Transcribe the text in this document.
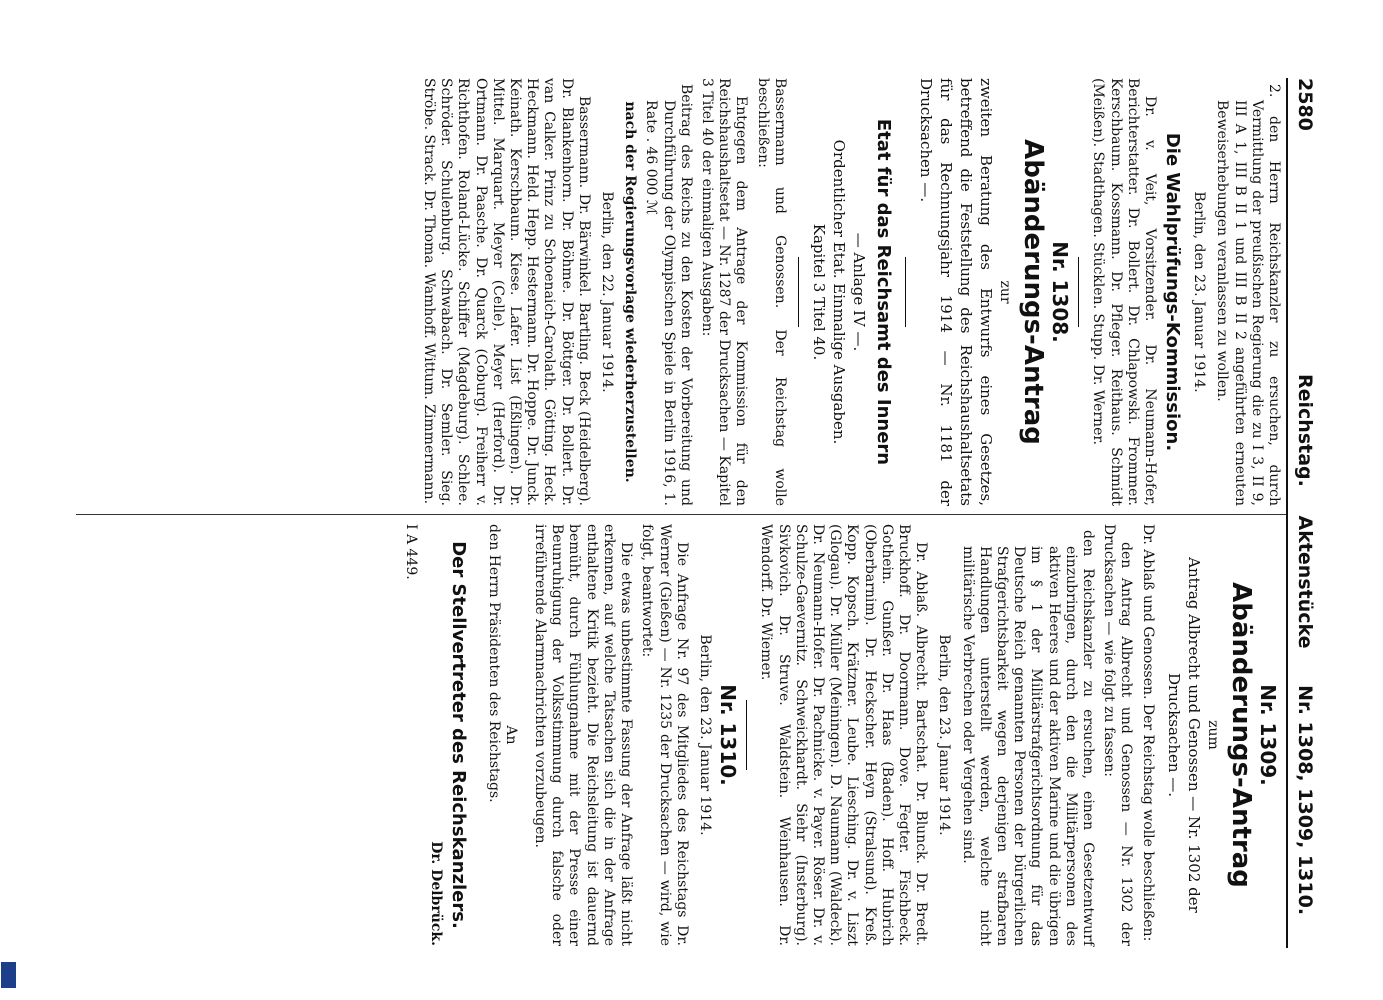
2580
Reichstag. Aktenstücke Nr. 1308, 1309, 1310.

2. den Herrn Reichskanzler zu ersuchen, durch Vermittlung der preußischen Regierung die zu I 3, II 9, III A 1, III B II 1 und III B II 2 angeführten erneuten Beweiserhebungen veranlassen zu wollen.

Berlin, den 23. Januar 1914.

Die Wahlprüfungs-Kommission.

Dr. v. Veit, Vorsitzender. Dr. Neumann-Hofer, Berichterstatter. Dr. Bollert. Dr. Chlapowski. Frommer. Kerschbaum. Kossmann. Dr. Pfleger. Reithaus. Schmidt (Meißen). Stadthagen. Stücklen. Stupp. Dr. Werner.

Nr. 1308.

Abänderungs-Antrag

zur

zweiten Beratung des Entwurfs eines Gesetzes, betreffend die Feststellung des Reichshaushaltsetats für das Rechnungsjahr 1914 — Nr. 1181 der Drucksachen —.

Etat für das Reichsamt des Innern

— Anlage IV —.

Ordentlicher Etat. Einmalige Ausgaben.

Kapitel 3 Titel 40.

Bassermann und Genossen. Der Reichstag wolle beschließen:

Entgegen dem Antrage der Kommission für den Reichshaushaltsetat — Nr. 1287 der Drucksachen — Kapitel 3 Titel 40 der einmaligen Ausgaben:

Beitrag des Reichs zu den Kosten der Vorbereitung und Durchführung der Olympischen Spiele in Berlin 1916, 1. Rate . 46 000 ℳ

nach der Regierungsvorlage wiederherzustellen.

Berlin, den 22. Januar 1914.

Bassermann. Dr. Bärwinkel. Bartling. Beck (Heidelberg). Dr. Blankenhorn. Dr. Böhme. Dr. Böttger. Dr. Bollert. Dr. van Calker. Prinz zu Schoenaich-Carolath. Götting. Heck. Heckmann. Held. Hepp. Hestermann. Dr. Hoppe. Dr. Junck. Keinath. Kerschbaum. Kiese. Lafer. List (Eßlingen). Dr. Mittel. Marquart. Meyer (Celle). Meyer (Herford). Dr. Ortmann. Dr. Paasche. Dr. Quarck (Coburg). Freiherr v. Richthofen. Roland-Lücke. Schiffer (Magdeburg). Schlee. Schröder. Schulenburg. Schwabach. Dr. Semler. Sieg. Ströbe. Strack. Dr. Thoma. Wamhoff. Wittum. Zimmermann.

Nr. 1309.

Abänderungs-Antrag

zum

Antrag Albrecht und Genossen — Nr. 1302 der Drucksachen —.

Dr. Ablaß und Genossen. Der Reichstag wolle beschließen:

den Antrag Albrecht und Genossen — Nr. 1302 der Drucksachen — wie folgt zu fassen:

den Reichskanzler zu ersuchen, einen Gesetzentwurf einzubringen, durch den die Militärpersonen des aktiven Heeres und der aktiven Marine und die übrigen im § 1 der Militärstrafgerichtsordnung für das Deutsche Reich genannten Personen der bürgerlichen Strafgerichtsbarkeit wegen derjenigen strafbaren Handlungen unterstellt werden, welche nicht militärische Verbrechen oder Vergehen sind.

Berlin, den 23. Januar 1914.

Dr. Ablaß. Albrecht. Bartschat. Dr. Blunck. Dr. Bredt. Bruckhoff. Dr. Doormann. Dove. Fegter. Fischbeck. Gothein. Gunßer. Dr. Haas (Baden). Hoff. Hubrich (Oberbarnim). Dr. Heckscher. Heyn (Stralsund). Kreß. Kopp. Kopsch. Krätzner. Leube. Liesching. Dr. v. Liszt (Glogau). Dr. Müller (Meiningen). D. Naumann (Waldeck). Dr. Neumann-Hofer. Dr. Pachnicke. v. Payer. Röser. Dr. v. Schulze-Gaevernitz. Schweickhardt. Siehr (Insterburg). Sivkovich. Dr. Struve. Waldstein. Weinhausen. Dr. Wendorff. Dr. Wiemer.

Nr. 1310.

Berlin, den 23. Januar 1914.

Die Anfrage Nr. 97 des Mitgliedes des Reichstags Dr. Werner (Gießen) — Nr. 1235 der Drucksachen — wird, wie folgt, beantwortet:

Die etwas unbestimmte Fassung der Anfrage läßt nicht erkennen, auf welche Tatsachen sich die in der Anfrage enthaltene Kritik bezieht. Die Reichsleitung ist dauernd bemüht, durch Fühlungnahme mit der Presse einer Beunruhigung der Volksstimmung durch falsche oder irreführende Alarmnachrichten vorzubeugen.

An

den Herrn Präsidenten des Reichstags.

Der Stellvertreter des Reichskanzlers.

Dr. Delbrück.

I A 449.
